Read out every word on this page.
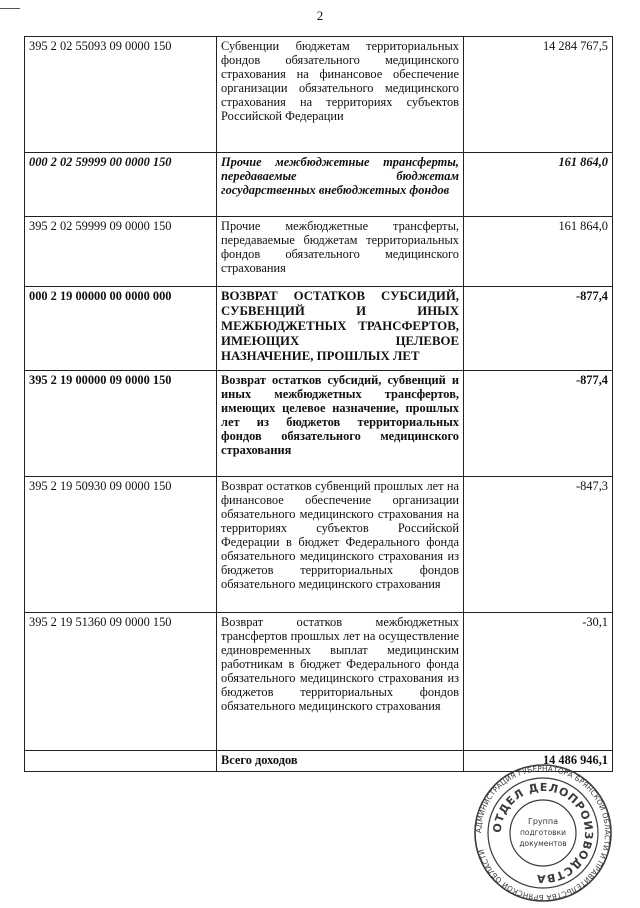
2
395 2 02 55093 09 0000 150	Субвенции бюджетам территориальных фондов обязательного медицинского страхования на финансовое обеспечение организации обязательного медицинского страхования на территориях субъектов Российской Федерации	14 284 767,5
000 2 02 59999 00 0000 150	Прочие межбюджетные трансферты, передаваемые бюджетам государственных внебюджетных фондов	161 864,0
395 2 02 59999 09 0000 150	Прочие межбюджетные трансферты, передаваемые бюджетам территориальных фондов обязательного медицинского страхования	161 864,0
000 2 19 00000 00 0000 000	ВОЗВРАТ ОСТАТКОВ СУБСИДИЙ, СУБВЕНЦИЙ И ИНЫХ МЕЖБЮДЖЕТНЫХ ТРАНСФЕРТОВ, ИМЕЮЩИХ ЦЕЛЕВОЕ НАЗНАЧЕНИЕ, ПРОШЛЫХ ЛЕТ	-877,4
395 2 19 00000 09 0000 150	Возврат остатков субсидий, субвенций и иных межбюджетных трансфертов, имеющих целевое назначение, прошлых лет из бюджетов территориальных фондов обязательного медицинского страхования	-877,4
395 2 19 50930 09 0000 150	Возврат остатков субвенций прошлых лет на финансовое обеспечение организации обязательного медицинского страхования на территориях субъектов Российской Федерации в бюджет Федерального фонда обязательного медицинского страхования из бюджетов территориальных фондов обязательного медицинского страхования	-847,3
395 2 19 51360 09 0000 150	Возврат остатков межбюджетных трансфертов прошлых лет на осуществление единовременных выплат медицинским работникам в бюджет Федерального фонда обязательного медицинского страхования из бюджетов территориальных фондов обязательного медицинского страхования	-30,1
	Всего доходов	14 486 946,1
АДМИНИСТРАЦИЯ ГУБЕРНАТОРА БРЯНСКОЙ ОБЛАСТИ И ПРАВИТЕЛЬСТВА БРЯНСКОЙ ОБЛАСТИ
ОТДЕЛ ДЕЛОПРОИЗВОДСТВА
Группа
подготовки
документов
